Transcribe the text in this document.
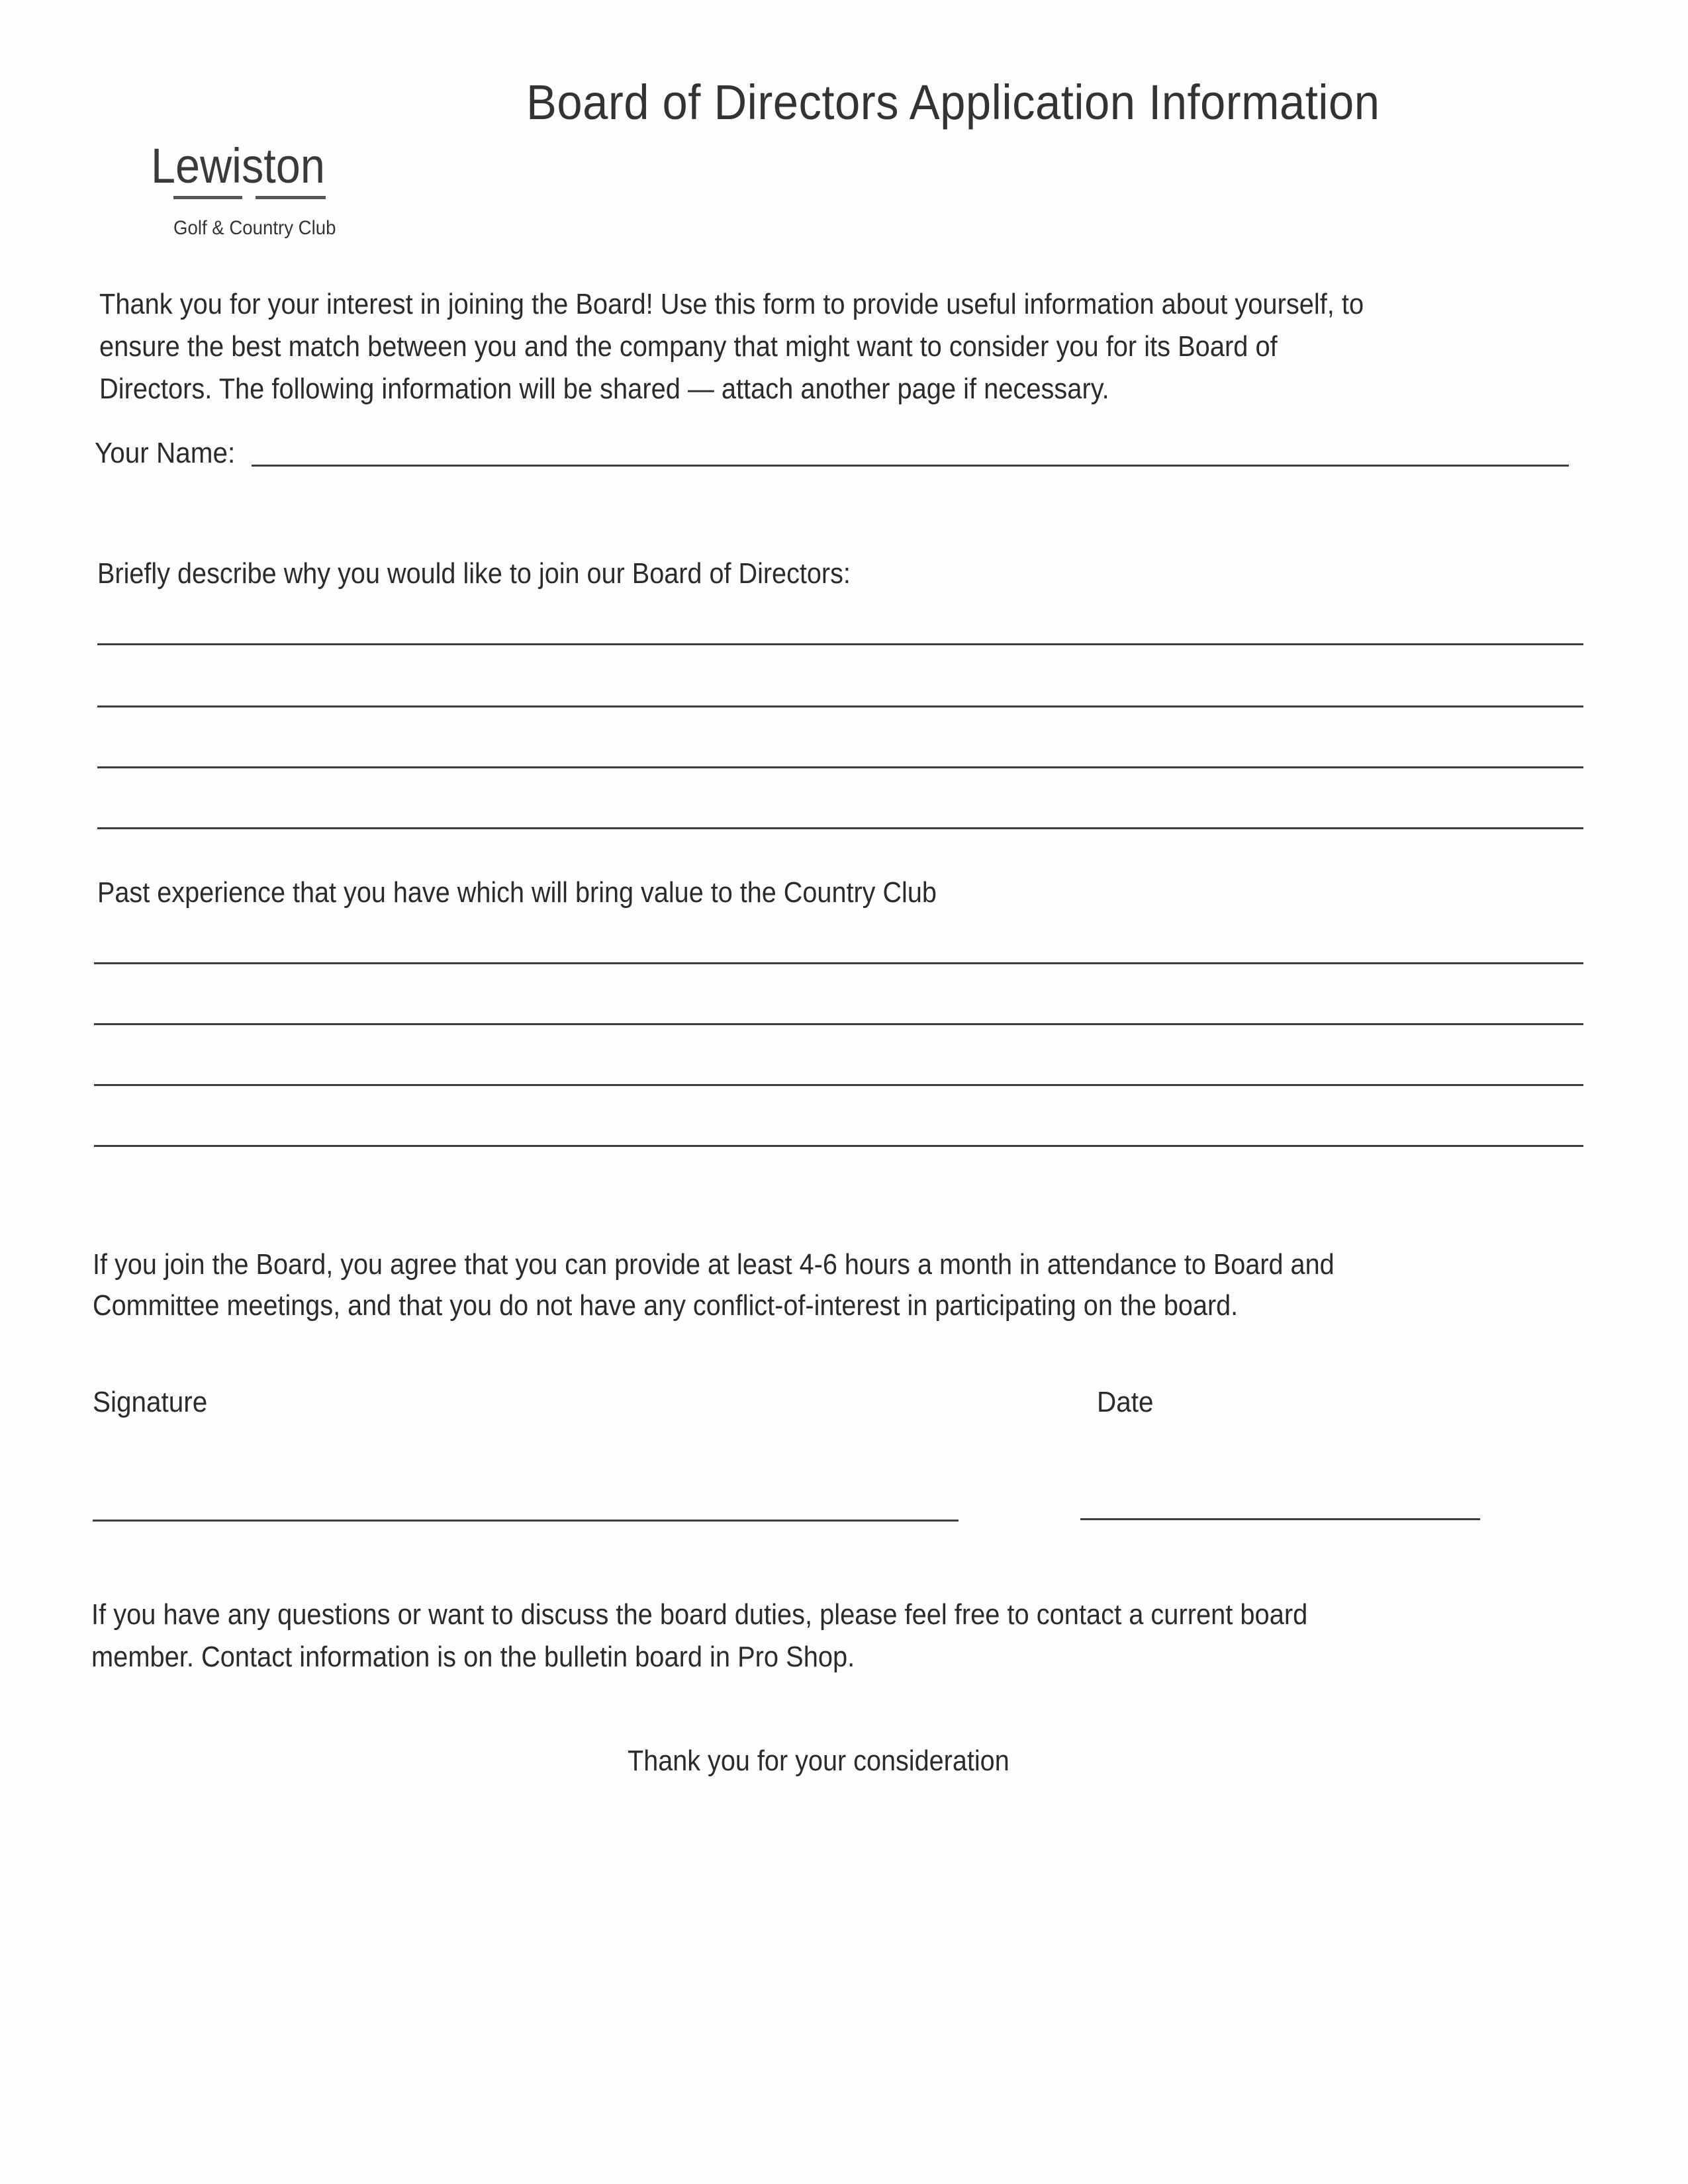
Board of Directors Application Information
Lewiston
Golf & Country Club
Thank you for your interest in joining the Board! Use this form to provide useful information about yourself, to
ensure the best match between you and the company that might want to consider you for its Board of
Directors. The following information will be shared — attach another page if necessary.
Your Name:
Briefly describe why you would like to join our Board of Directors:
Past experience that you have which will bring value to the Country Club
If you join the Board, you agree that you can provide at least 4-6 hours a month in attendance to Board and
Committee meetings, and that you do not have any conflict-of-interest in participating on the board.
Signature	Date
If you have any questions or want to discuss the board duties, please feel free to contact a current board
member. Contact information is on the bulletin board in Pro Shop.
Thank you for your consideration
